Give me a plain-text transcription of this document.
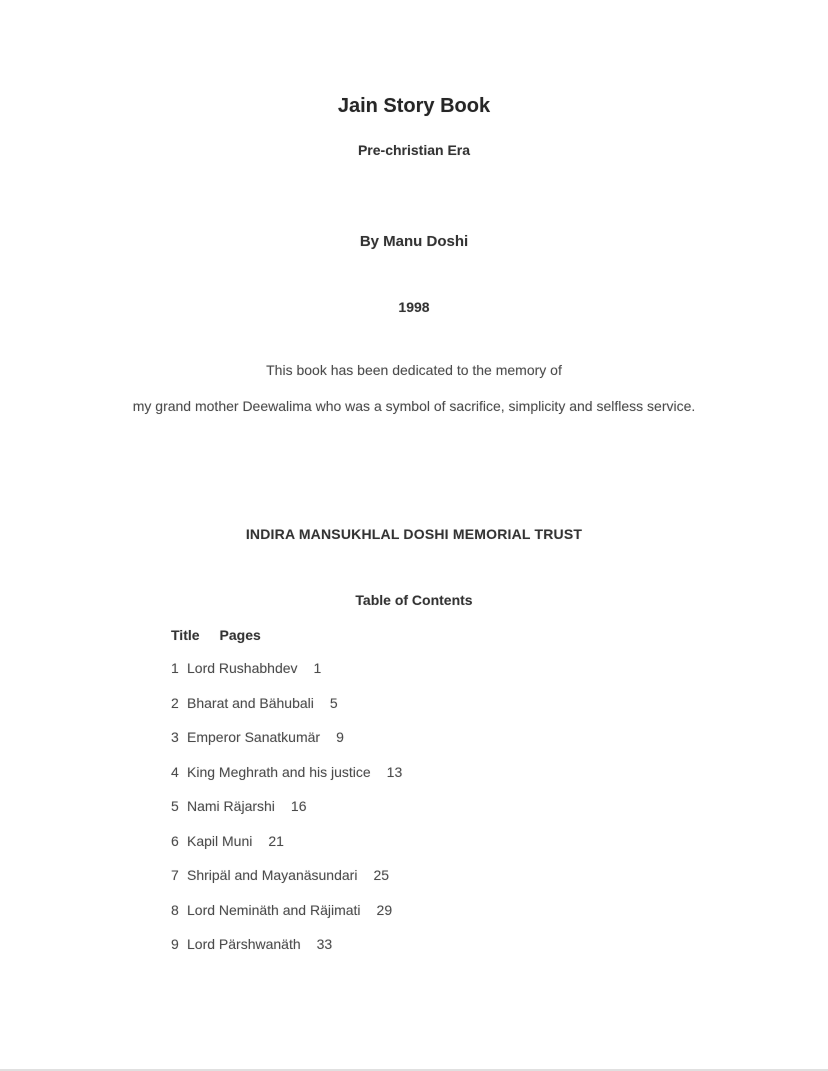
Jain Story Book
Pre-christian Era
By Manu Doshi
1998
This book has been dedicated to the memory of
my grand mother Deewalima who was a symbol of sacrifice, simplicity and selfless service.
INDIRA MANSUKHLAL DOSHI MEMORIAL TRUST
Table of Contents
Title Pages
1 Lord Rushabhdev 1
2 Bharat and Bähubali 5
3 Emperor Sanatkumär 9
4 King Meghrath and his justice 13
5 Nami Räjarshi 16
6 Kapil Muni 21
7 Shripäl and Mayanäsundari 25
8 Lord Neminäth and Räjimati 29
9 Lord Pärshwanäth 33
